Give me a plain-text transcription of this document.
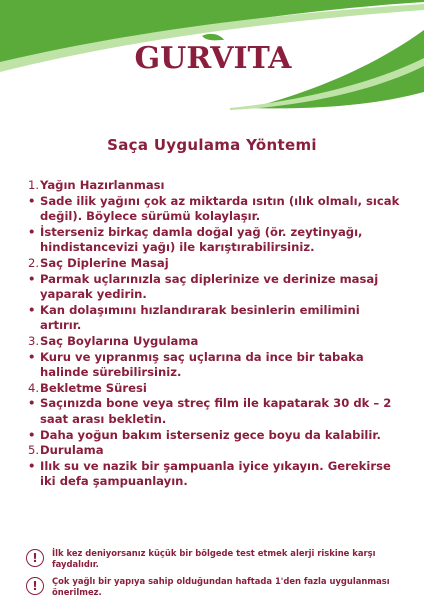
GURVITA
Saça Uygulama Yöntemi
1. Yağın Hazırlanması
• Sade ilik yağını çok az miktarda ısıtın (ılık olmalı, sıcak değil). Böylece sürümü kolaylaşır.
• İsterseniz birkaç damla doğal yağ (ör. zeytinyağı, hindistancevizi yağı) ile karıştırabilirsiniz.
2. Saç Diplerine Masaj
• Parmak uçlarınızla saç diplerinize ve derinize masaj yaparak yedirin.
• Kan dolaşımını hızlandırarak besinlerin emilimini artırır.
3. Saç Boylarına Uygulama
• Kuru ve yıpranmış saç uçlarına da ince bir tabaka halinde sürebilirsiniz.
4. Bekletme Süresi
• Saçınızda bone veya streç film ile kapatarak 30 dk – 2 saat arası bekletin.
• Daha yoğun bakım isterseniz gece boyu da kalabilir.
5. Durulama
• Ilık su ve nazik bir şampuanla iyice yıkayın. Gerekirse iki defa şampuanlayın.
!	İlk kez deniyorsanız küçük bir bölgede test etmek alerji riskine karşı faydalıdır.
!	Çok yağlı bir yapıya sahip olduğundan haftada 1'den fazla uygulanması önerilmez.
